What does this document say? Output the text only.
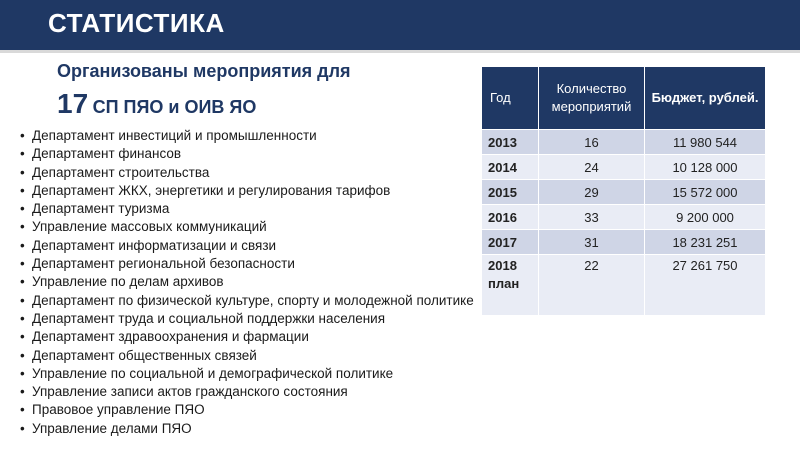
СТАТИСТИКА
Организованы мероприятия для
17 СП ПЯО и ОИВ ЯО
• Департамент инвестиций и промышленности
• Департамент финансов
• Департамент строительства
• Департамент ЖКХ, энергетики и регулирования тарифов
• Департамент туризма
• Управление массовых коммуникаций
• Департамент информатизации и связи
• Департамент региональной безопасности
• Управление по делам архивов
• Департамент по физической культуре, спорту и молодежной политике
• Департамент труда и социальной поддержки населения
• Департамент здравоохранения и фармации
• Департамент общественных связей
• Управление по социальной и демографической политике
• Управление записи актов гражданского состояния
• Правовое управление ПЯО
• Управление делами ПЯО
Год	Количество мероприятий	Бюджет, рублей.
2013	16	11 980 544
2014	24	10 128 000
2015	29	15 572 000
2016	33	9 200 000
2017	31	18 231 251
2018 план	22	27 261 750
